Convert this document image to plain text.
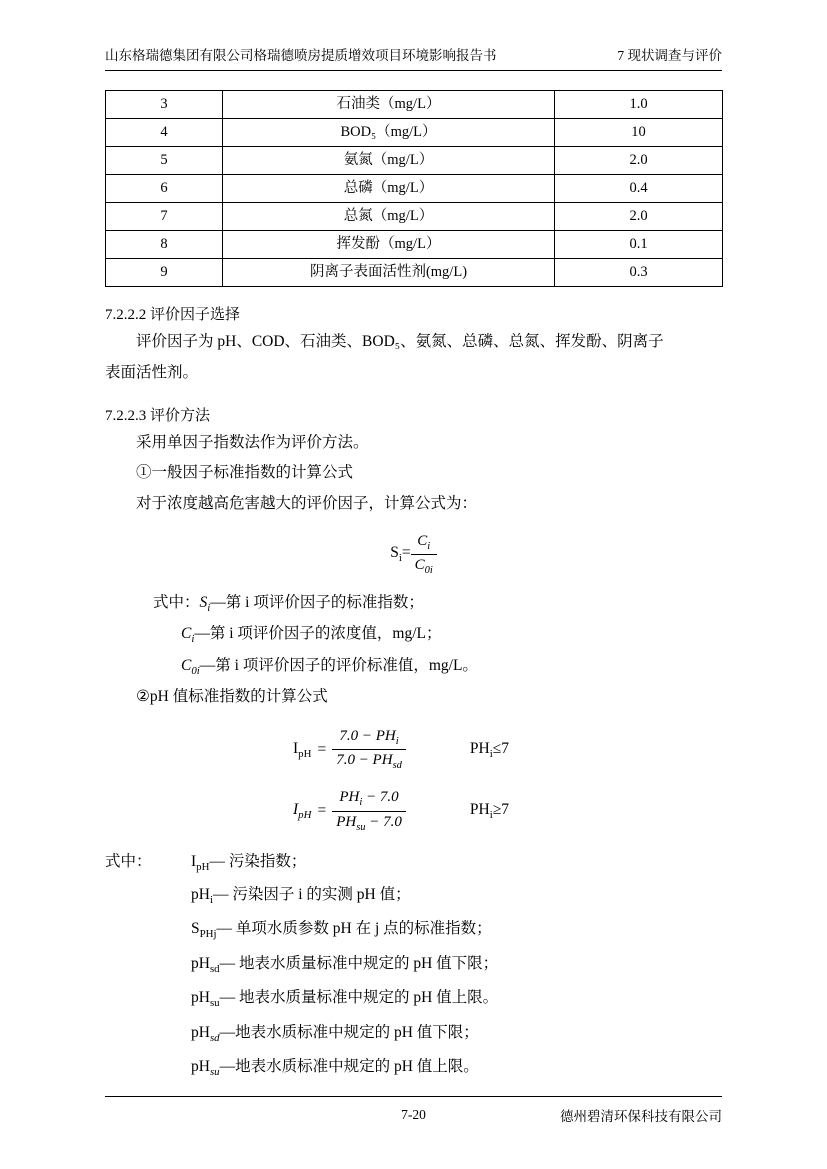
山东格瑞德集团有限公司格瑞德喷房提质增效项目环境影响报告书	7 现状调查与评价
3	石油类（mg/L）	1.0
4	BOD₅（mg/L）	10
5	氨氮（mg/L）	2.0
6	总磷（mg/L）	0.4
7	总氮（mg/L）	2.0
8	挥发酚（mg/L）	0.1
9	阴离子表面活性剂(mg/L)	0.3
7.2.2.2 评价因子选择

评价因子为 pH、COD、石油类、BOD₅、氨氮、总磷、总氮、挥发酚、阴离子

表面活性剂。

7.2.2.3 评价方法

采用单因子指数法作为评价方法。

①一般因子标准指数的计算公式

对于浓度越高危害越大的评价因子，计算公式为：

$S_i= \frac{C_i}{C_{0i}}$

式中：$S_i—$第 i 项评价因子的标准指数；

$C_i—$第 i 项评价因子的浓度值，mg/L；

$C_{0i}—$第 i 项评价因子的评价标准值，mg/L。

②pH 值标准指数的计算公式

$I_{pH} = \frac{7.0 - PH_i}{7.0 - PH_{sd}}$	$PH_i\le 7$
$I_{pH} = \frac{PH_i - 7.0}{PH_{su} - 7.0}$	$PH_i\ge 7$
式中：	$I_{pH}—$ 污染指数；

$pH_i—$ 污染因子 i 的实测 pH 值；

$S_{PHj}—$ 单项水质参数 pH 在 j 点的标准指数；

$pH_{sd}—$ 地表水质量标准中规定的 pH 值下限；

$pH_{su}—$ 地表水质量标准中规定的 pH 值上限。

$pH_{sd}—$地表水质标准中规定的 pH 值下限；

$pH_{su}—$地表水质标准中规定的 pH 值上限。

7-20	德州碧清环保科技有限公司
